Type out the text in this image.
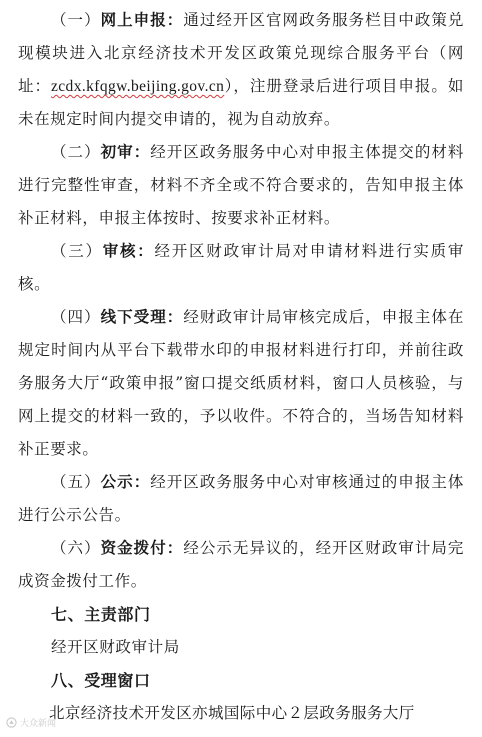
（一）网上申报：通过经开区官网政务服务栏目中政策兑现模块进入北京经济技术开发区政策兑现综合服务平台（网址：zcdx.kfqgw.beijing.gov.cn），注册登录后进行项目申报。如未在规定时间内提交申请的，视为自动放弃。

（二）初审：经开区政务服务中心对申报主体提交的材料进行完整性审查，材料不齐全或不符合要求的，告知申报主体补正材料，申报主体按时、按要求补正材料。

（三）审核：经开区财政审计局对申请材料进行实质审核。

（四）线下受理：经财政审计局审核完成后，申报主体在规定时间内从平台下载带水印的申报材料进行打印，并前往政务服务大厅“政策申报”窗口提交纸质材料，窗口人员核验，与网上提交的材料一致的，予以收件。不符合的，当场告知材料补正要求。

（五）公示：经开区政务服务中心对审核通过的申报主体进行公示公告。

（六）资金拨付：经公示无异议的，经开区财政审计局完成资金拨付工作。

七、主责部门

经开区财政审计局

八、受理窗口

北京经济技术开发区亦城国际中心２层政务服务大厅

大众新闻
